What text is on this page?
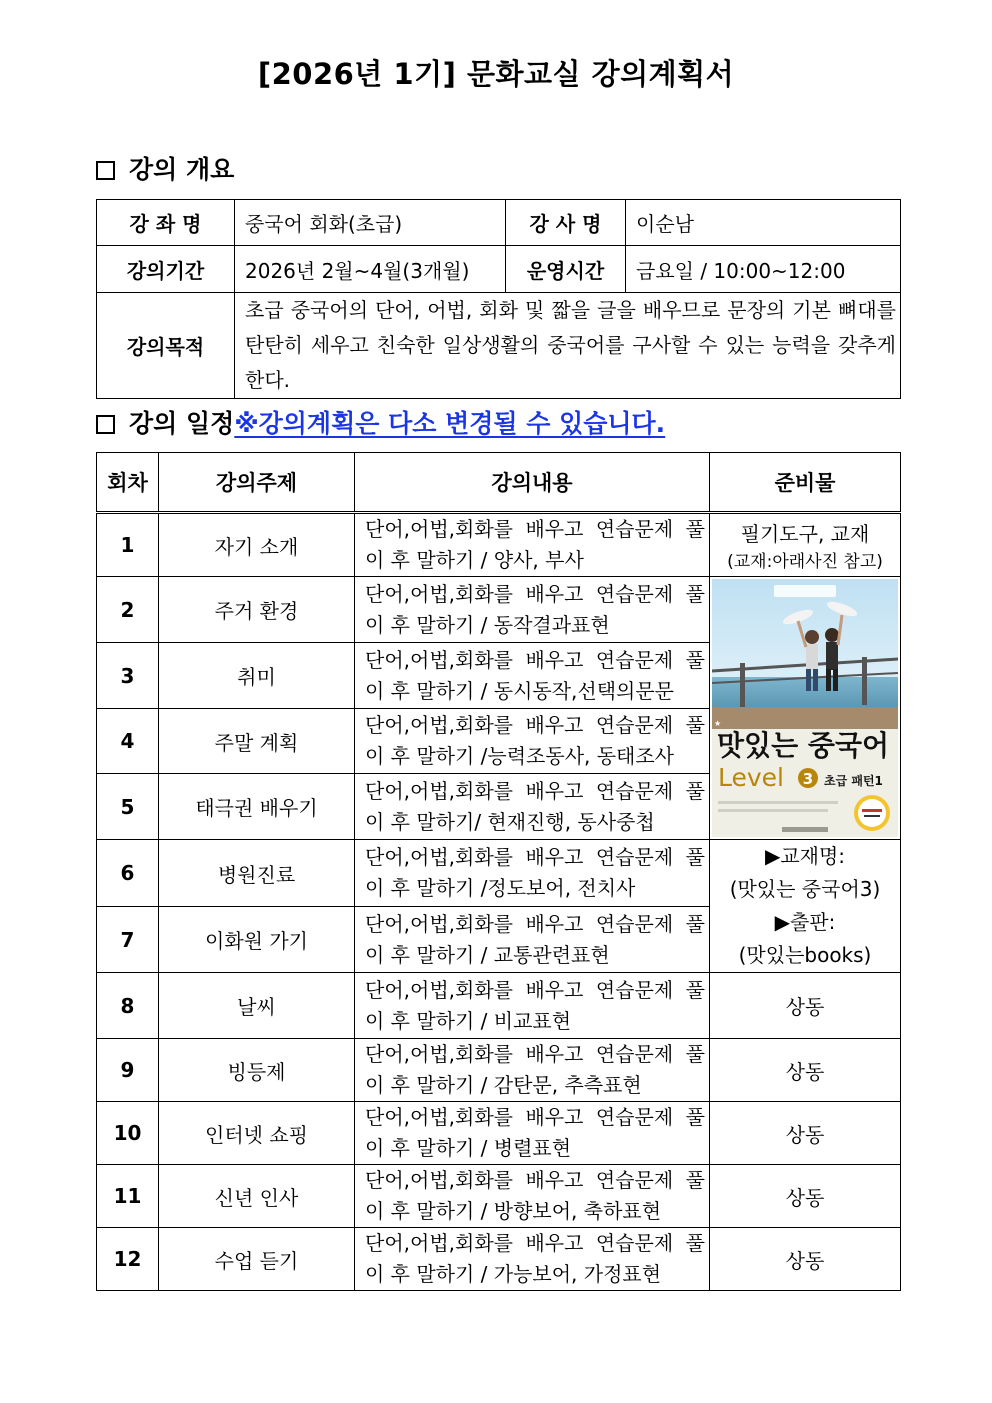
[2026년 1기] 문화교실 강의계획서
강의 개요
강 좌 명	중국어 회화(초급)	강 사 명	이순남
강의기간	2026년 2월~4월(3개월)	운영시간	금요일 / 10:00~12:00
강의목적	초급 중국어의 단어, 어법, 회화 및 짧을 글을 배우므로 문장의 기본 뼈대를 탄탄히 세우고 친숙한 일상생활의 중국어를 구사할 수 있는 능력을 갖추게 한다.		
강의 일정※강의계획은 다소 변경될 수 있습니다.
회차	강의주제	강의내용	준비물
1	자기 소개	단어,어법,회화를 배우고 연습문제 풀이 후 말하기 / 양사, 부사	필기도구, 교재
(교재:아래사진 참고)

2	주거 환경	단어,어법,회화를 배우고 연습문제 풀이 후 말하기 / 동작결과표현	★
맛있는 중국어
Level 3 초급 패턴1

3	취미	단어,어법,회화를 배우고 연습문제 풀이 후 말하기 / 동시동작,선택의문문	
4	주말 계획	단어,어법,회화를 배우고 연습문제 풀이 후 말하기 /능력조동사, 동태조사	
5	태극권 배우기	단어,어법,회화를 배우고 연습문제 풀이 후 말하기/ 현재진행, 동사중첩	
6	병원진료	단어,어법,회화를 배우고 연습문제 풀이 후 말하기 /정도보어, 전치사	▶교재명:
(맛있는 중국어3)
▶출판:
(맛있는books)

7	이화원 가기	단어,어법,회화를 배우고 연습문제 풀이 후 말하기 / 교통관련표현	
8	날씨	단어,어법,회화를 배우고 연습문제 풀이 후 말하기 / 비교표현	상동
9	빙등제	단어,어법,회화를 배우고 연습문제 풀이 후 말하기 / 감탄문, 추측표현	상동
10	인터넷 쇼핑	단어,어법,회화를 배우고 연습문제 풀이 후 말하기 / 병렬표현	상동
11	신년 인사	단어,어법,회화를 배우고 연습문제 풀이 후 말하기 / 방향보어, 축하표현	상동
12	수업 듣기	단어,어법,회화를 배우고 연습문제 풀이 후 말하기 / 가능보어, 가정표현	상동
